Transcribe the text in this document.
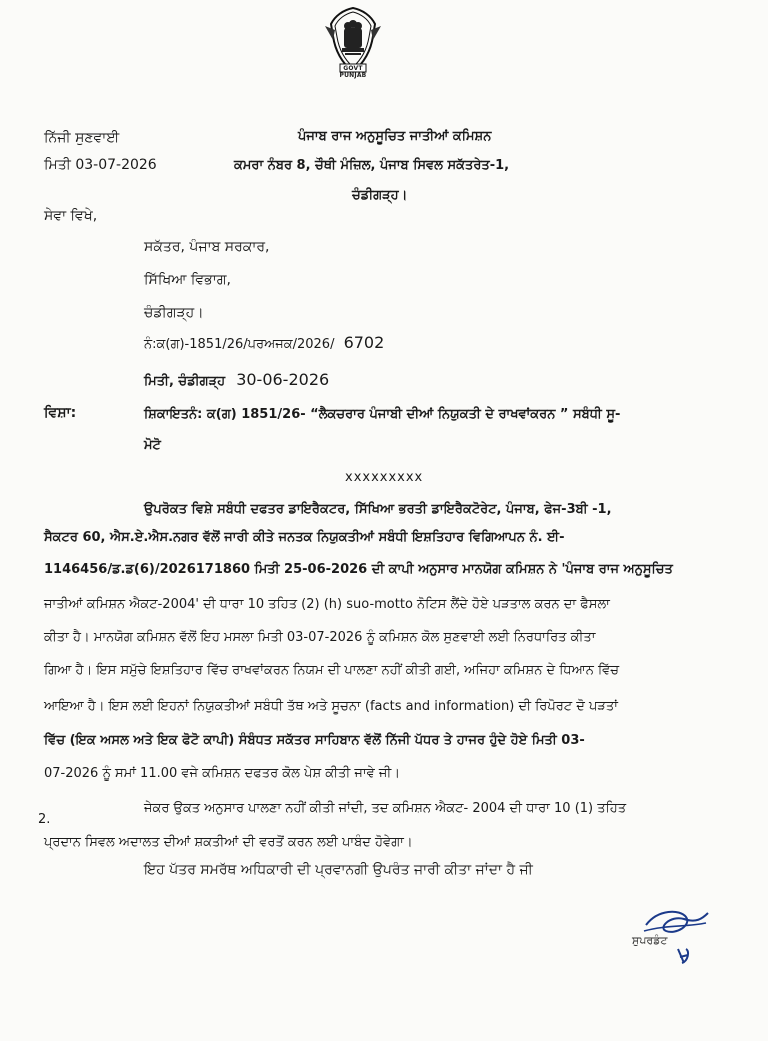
GOVT PUNJAB
ਨਿੱਜੀ ਸੁਣਵਾਈ
ਮਿਤੀ 03-07-2026
ਪੰਜਾਬ ਰਾਜ ਅਨੁਸੂਚਿਤ ਜਾਤੀਆਂ ਕਮਿਸ਼ਨ
ਕਮਰਾ ਨੰਬਰ 8, ਚੌਥੀ ਮੰਜ਼ਿਲ, ਪੰਜਾਬ ਸਿਵਲ ਸਕੱਤਰੇਤ-1,
ਚੰਡੀਗੜ੍ਹ।
ਸੇਵਾ ਵਿਖੇ,
ਸਕੱਤਰ, ਪੰਜਾਬ ਸਰਕਾਰ,
ਸਿੱਖਿਆ ਵਿਭਾਗ,
ਚੰਡੀਗੜ੍ਹ।
ਨੰ:ਕ(ਗ)-1851/26/ਪਰਅਜਕ/2026/ 6702
ਮਿਤੀ, ਚੰਡੀਗੜ੍ਹ 30-06-2026
ਵਿਸ਼ਾ:	ਸ਼ਿਕਾਇਤਨੰ: ਕ(ਗ) 1851/26- “ਲੈਕਚਰਾਰ ਪੰਜਾਬੀ ਦੀਆਂ ਨਿਯੁਕਤੀ ਦੇ ਰਾਖਵਾਂਕਰਨ ” ਸਬੰਧੀ ਸੂ-
ਮੋਟੋ
xxxxxxxxx
ਉਪਰੋਕਤ ਵਿਸ਼ੇ ਸਬੰਧੀ ਦਫਤਰ ਡਾਇਰੈਕਟਰ, ਸਿੱਖਿਆ ਭਰਤੀ ਡਾਇਰੈਕਟੋਰੇਟ, ਪੰਜਾਬ, ਫੇਜ-3ਬੀ -1,
ਸੈਕਟਰ 60, ਐਸ.ਏ.ਐਸ.ਨਗਰ ਵੱਲੋਂ ਜਾਰੀ ਕੀਤੇ ਜਨਤਕ ਨਿਯੁਕਤੀਆਂ ਸਬੰਧੀ ਇਸ਼ਤਿਹਾਰ ਵਿਗਿਆਪਨ ਨੰ. ਈ-
1146456/ਡ.ਡ(6)/2026171860 ਮਿਤੀ 25-06-2026 ਦੀ ਕਾਪੀ ਅਨੁਸਾਰ ਮਾਨਯੋਗ ਕਮਿਸ਼ਨ ਨੇ 'ਪੰਜਾਬ ਰਾਜ ਅਨੁਸੂਚਿਤ
ਜਾਤੀਆਂ ਕਮਿਸ਼ਨ ਐਕਟ-2004' ਦੀ ਧਾਰਾ 10 ਤਹਿਤ (2) (h) suo-motto ਨੋਟਿਸ ਲੈਂਦੇ ਹੋਏ ਪੜਤਾਲ ਕਰਨ ਦਾ ਫੈਸਲਾ
ਕੀਤਾ ਹੈ। ਮਾਨਯੋਗ ਕਮਿਸ਼ਨ ਵੱਲੋਂ ਇਹ ਮਸਲਾ ਮਿਤੀ 03-07-2026 ਨੂੰ ਕਮਿਸ਼ਨ ਕੋਲ ਸੁਣਵਾਈ ਲਈ ਨਿਰਧਾਰਿਤ ਕੀਤਾ
ਗਿਆ ਹੈ। ਇਸ ਸਮੁੱਚੇ ਇਸ਼ਤਿਹਾਰ ਵਿੱਚ ਰਾਖਵਾਂਕਰਨ ਨਿਯਮ ਦੀ ਪਾਲਣਾ ਨਹੀਂ ਕੀਤੀ ਗਈ, ਅਜਿਹਾ ਕਮਿਸ਼ਨ ਦੇ ਧਿਆਨ ਵਿੱਚ
ਆਇਆ ਹੈ। ਇਸ ਲਈ ਇਹਨਾਂ ਨਿਯੁਕਤੀਆਂ ਸਬੰਧੀ ਤੱਥ ਅਤੇ ਸੂਚਨਾ (facts and information) ਦੀ ਰਿਪੋਰਟ ਦੋ ਪੜਤਾਂ
ਵਿੱਚ (ਇਕ ਅਸਲ ਅਤੇ ਇਕ ਫੋਟੋ ਕਾਪੀ) ਸੰਬੰਧਤ ਸਕੱਤਰ ਸਾਹਿਬਾਨ ਵੱਲੋਂ ਨਿੱਜੀ ਪੱਧਰ ਤੇ ਹਾਜਰ ਹੁੰਦੇ ਹੋਏ ਮਿਤੀ 03-
07-2026 ਨੂੰ ਸਮਾਂ 11.00 ਵਜੇ ਕਮਿਸ਼ਨ ਦਫਤਰ ਕੋਲ ਪੇਸ਼ ਕੀਤੀ ਜਾਵੇ ਜੀ।
2.
ਜੇਕਰ ਉਕਤ ਅਨੁਸਾਰ ਪਾਲਣਾ ਨਹੀਂ ਕੀਤੀ ਜਾਂਦੀ, ਤਦ ਕਮਿਸ਼ਨ ਐਕਟ- 2004 ਦੀ ਧਾਰਾ 10 (1) ਤਹਿਤ
ਪ੍ਰਦਾਨ ਸਿਵਲ ਅਦਾਲਤ ਦੀਆਂ ਸ਼ਕਤੀਆਂ ਦੀ ਵਰਤੋਂ ਕਰਨ ਲਈ ਪਾਬੰਦ ਹੋਵੇਗਾ।
ਇਹ ਪੱਤਰ ਸਮਰੱਥ ਅਧਿਕਾਰੀ ਦੀ ਪ੍ਰਵਾਨਗੀ ਉਪਰੰਤ ਜਾਰੀ ਕੀਤਾ ਜਾਂਦਾ ਹੈ ਜੀ
ਸੁਪਰਡੰਟ
